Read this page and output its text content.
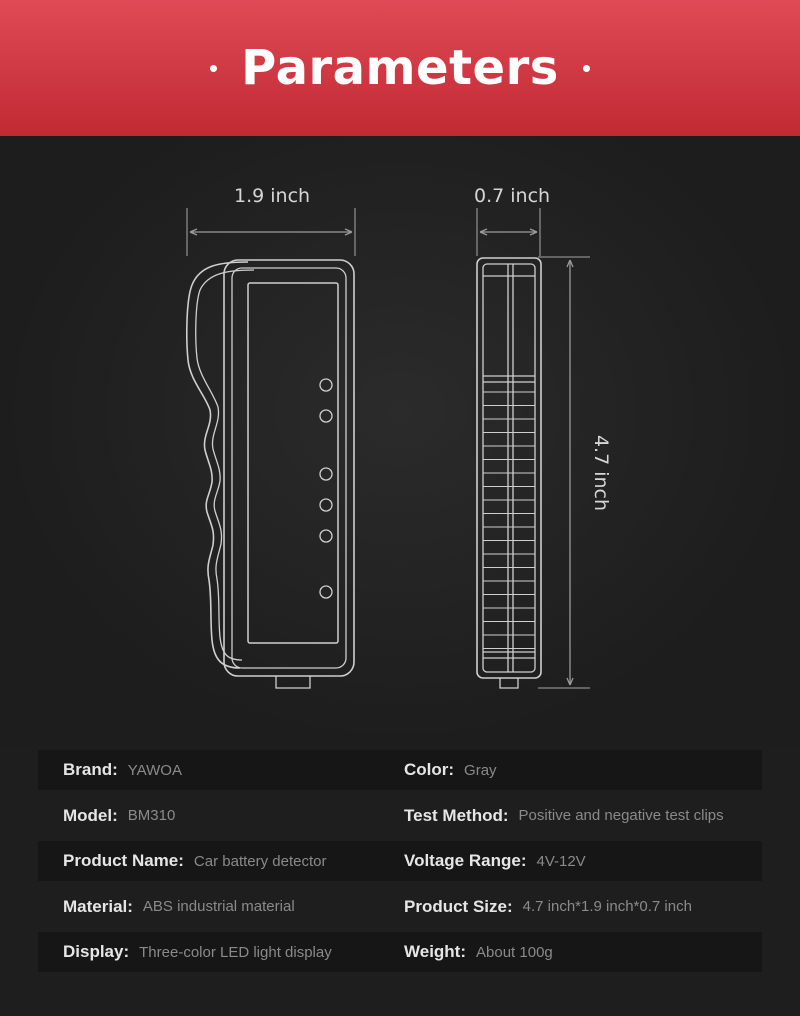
Parameters
1.9 inch	0.7 inch
4.7 inch
Brand: YAWOA	Color: Gray
Model: BM310	Test Method: Positive and negative test clips
Product Name: Car battery detector	Voltage Range: 4V-12V
Material: ABS industrial material	Product Size: 4.7 inch*1.9 inch*0.7 inch
Display: Three-color LED light display	Weight: About 100g
